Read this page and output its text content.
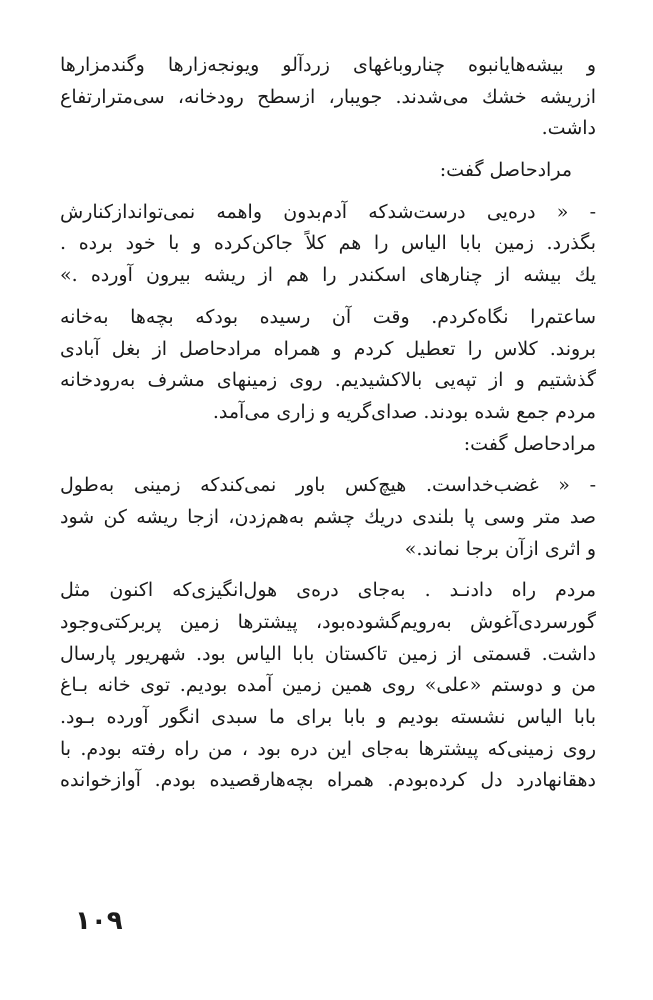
و بیشه‌هایانبوه چناروباغهای زردآلو ویونجه‌زارها وگندمزارها
ازریشه خشك می‌شدند. جویبار، ازسطح رودخانه، سی‌مترارتفاع
داشت.
مرادحاصل گفت:
- « دره‌یی درست‌شدکه آدم‌بدون واهمه نمی‌توانداز‌کنارش
بگذرد. زمین بابا الیاس را هم کلاً جاکن‌کرده و با خود برده .
یك بیشه از چنارهای اسکندر را هم از ریشه بیرون آورده .»
ساعتم‌را نگاه‌کردم. وقت آن رسیده بودکه بچه‌ها به‌خانه
بروند. کلاس را تعطیل کردم و همراه مرادحاصل از بغل آبادی
گذشتیم و از تپه‌یی بالاکشیدیم. روی زمینهای مشرف به‌رودخانه
مردم جمع شده بودند. صدای‌گریه و زاری می‌آمد.
مرادحاصل گفت:
- « غضب‌خداست. هیچ‌کس باور نمی‌کندکه زمینی به‌طول
صد متر وسی پا بلندی دریك چشم به‌هم‌زدن، ازجا ریشه کن شود
و اثری از‌آن برجا نماند.»
مردم راه دادنـد . به‌جای دره‌ی هول‌انگیزی‌که اکنون مثل
گورسردی‌آغوش به‌رویم‌گشوده‌بود، پیشترها زمین پربرکتی‌وجود
داشت. قسمتی از زمین تاکستان بابا الیاس بود. شهریور پارسال
من و دوستم «علی» روی همین زمین آمده بودیم. توی خانه بـاغ
بابا الیاس نشسته بودیم و بابا برای ما سبدی انگور آورده بـود.
روی زمینی‌که پیشترها به‌جای این دره بود ، من راه رفته بودم. با
دهقانهادرد دل کرده‌بودم. همراه بچه‌هارقصیده بودم. آوازخوانده
۱۰۹
